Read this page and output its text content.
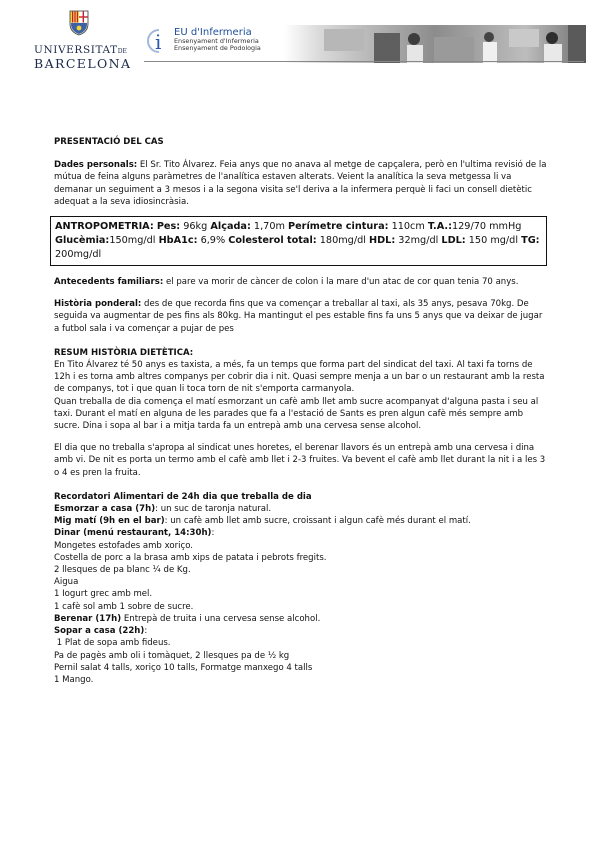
UNIVERSITATDE
BARCELONA
i EU d'Infermeria
Ensenyament d'Infermeria
Ensenyament de Podologia

PRESENTACIÓ DEL CAS

Dades personals: El Sr. Tito Álvarez. Feia anys que no anava al metge de capçalera, però en l'ultima revisió de la mútua de feina alguns paràmetres de l'analítica estaven alterats. Veient la analítica la seva metgessa li va demanar un seguiment a 3 mesos i a la segona visita se'l deriva a la infermera perquè li faci un consell dietètic adequat a la seva idiosincràsia.

ANTROPOMETRIA: Pes: 96kg Alçada: 1,70m Perímetre cintura: 110cm T.A.:129/70 mmHg Glucèmia:150mg/dl HbA1c: 6,9% Colesterol total: 180mg/dl HDL: 32mg/dl LDL: 150 mg/dl TG: 200mg/dl

Antecedents familiars: el pare va morir de càncer de colon i la mare d'un atac de cor quan tenia 70 anys.

Història ponderal: des de que recorda fins que va començar a treballar al taxi, als 35 anys, pesava 70kg. De seguida va augmentar de pes fins als 80kg. Ha mantingut el pes estable fins fa uns 5 anys que va deixar de jugar a futbol sala i va començar a pujar de pes

RESUM HISTÒRIA DIETÈTICA:

En Tito Álvarez té 50 anys es taxista, a més, fa un temps que forma part del sindicat del taxi. Al taxi fa torns de 12h i es torna amb altres companys per cobrir dia i nit. Quasi sempre menja a un bar o un restaurant amb la resta de companys, tot i que quan li toca torn de nit s'emporta carmanyola.

Quan treballa de dia comença el matí esmorzant un cafè amb llet amb sucre acompanyat d'alguna pasta i seu al taxi. Durant el matí en alguna de les parades que fa a l'estació de Sants es pren algun cafè més sempre amb sucre. Dina i sopa al bar i a mitja tarda fa un entrepà amb una cervesa sense alcohol.

El dia que no treballa s'apropa al sindicat unes horetes, el berenar llavors és un entrepà amb una cervesa i dina amb vi. De nit es porta un termo amb el cafè amb llet i 2-3 fruites. Va bevent el cafè amb llet durant la nit i a les 3 o 4 es pren la fruita.

Recordatori Alimentari de 24h dia que treballa de dia

Esmorzar a casa (7h): un suc de taronja natural.

Mig matí (9h en el bar): un cafè amb llet amb sucre, croissant i algun cafè més durant el matí.

Dinar (menú restaurant, 14:30h):

Mongetes estofades amb xoriço.

Costella de porc a la brasa amb xips de patata i pebrots fregits.

2 llesques de pa blanc ¼ de Kg.

Aigua

1 Iogurt grec amb mel.

1 cafè sol amb 1 sobre de sucre.

Berenar (17h) Entrepà de truita i una cervesa sense alcohol.

Sopar a casa (22h):

1 Plat de sopa amb fideus.

Pa de pagès amb oli i tomàquet, 2 llesques pa de ½ kg

Pernil salat 4 talls, xoriço 10 talls, Formatge manxego 4 talls

1 Mango.
